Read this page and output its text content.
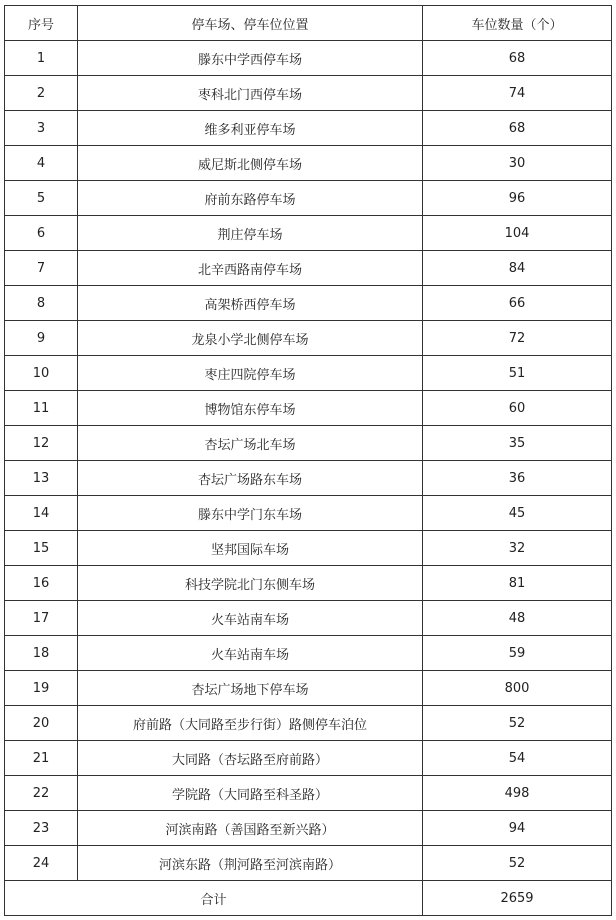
序号	停车场、停车位位置	车位数量（个）
1	滕东中学西停车场	68
2	枣科北门西停车场	74
3	维多利亚停车场	68
4	威尼斯北侧停车场	30
5	府前东路停车场	96
6	荆庄停车场	104
7	北辛西路南停车场	84
8	高架桥西停车场	66
9	龙泉小学北侧停车场	72
10	枣庄四院停车场	51
11	博物馆东停车场	60
12	杏坛广场北车场	35
13	杏坛广场路东车场	36
14	滕东中学门东车场	45
15	坚邦国际车场	32
16	科技学院北门东侧车场	81
17	火车站南车场	48
18	火车站南车场	59
19	杏坛广场地下停车场	800
20	府前路（大同路至步行街）路侧停车泊位	52
21	大同路（杏坛路至府前路）	54
22	学院路（大同路至科圣路）	498
23	河滨南路（善国路至新兴路）	94
24	河滨东路（荆河路至河滨南路）	52
合计		2659
